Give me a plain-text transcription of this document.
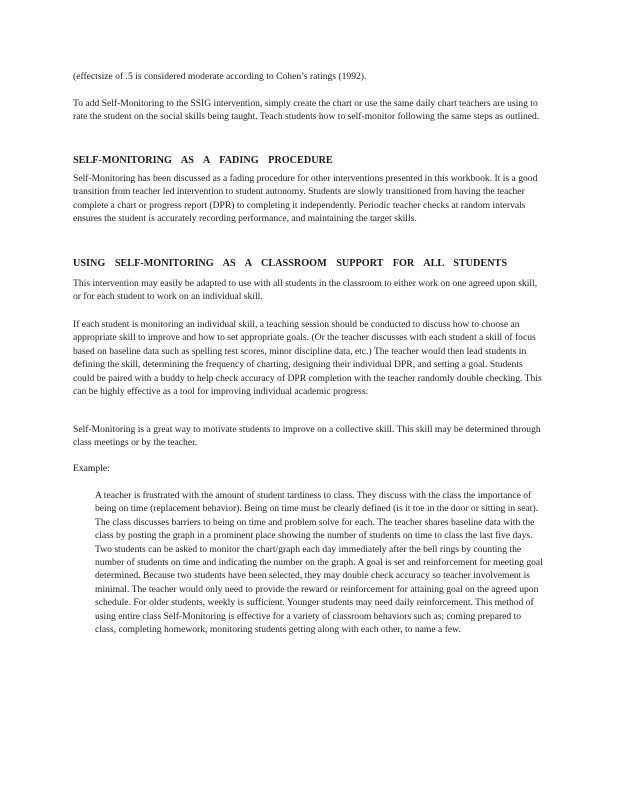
(effectsize of .5 is considered moderate according to Cohen’s ratings (1992).

To add Self-Monitoring to the SSIG intervention, simply create the chart or use the same daily chart teachers are using to rate the student on the social skills being taught. Teach students how to self-monitor following the same steps as outlined.

SELF-MONITORING AS A FADING PROCEDURE

Self-Monitoring has been discussed as a fading procedure for other interventions presented in this workbook. It is a good transition from teacher led intervention to student autonomy. Students are slowly transitioned from having the teacher complete a chart or progress report (DPR) to completing it independently. Periodic teacher checks at random intervals ensures the student is accurately recording performance, and maintaining the target skills.

USING SELF-MONITORING AS A CLASSROOM SUPPORT FOR ALL STUDENTS

This intervention may easily be adapted to use with all students in the classroom to either work on one agreed upon skill, or for each student to work on an individual skill.

If each student is monitoring an individual skill, a teaching session should be conducted to discuss how to choose an appropriate skill to improve and how to set appropriate goals. (Or the teacher discusses with each student a skill of focus based on baseline data such as spelling test scores, minor discipline data, etc.) The teacher would then lead students in defining the skill, determining the frequency of charting, designing their individual DPR, and setting a goal. Students could be paired with a buddy to help check accuracy of DPR completion with the teacher randomly double checking. This can be highly effective as a tool for improving individual academic progress.

Self-Monitoring is a great way to motivate students to improve on a collective skill. This skill may be determined through class meetings or by the teacher.

Example:

A teacher is frustrated with the amount of student tardiness to class. They discuss with the class the importance of being on time (replacement behavior). Being on time must be clearly defined (is it toe in the door or sitting in seat). The class discusses barriers to being on time and problem solve for each. The teacher shares baseline data with the class by posting the graph in a prominent place showing the number of students on time to class the last five days. Two students can be asked to monitor the chart/graph each day immediately after the bell rings by counting the number of students on time and indicating the number on the graph. A goal is set and reinforcement for meeting goal determined. Because two students have been selected, they may double check accuracy so teacher involvement is minimal. The teacher would only need to provide the reward or reinforcement for attaining goal on the agreed upon schedule. For older students, weekly is sufficient. Younger students may need daily reinforcement. This method of using entire class Self-Monitoring is effective for a variety of classroom behaviors such as; coming prepared to class, completing homework, monitoring students getting along with each other, to name a few.
